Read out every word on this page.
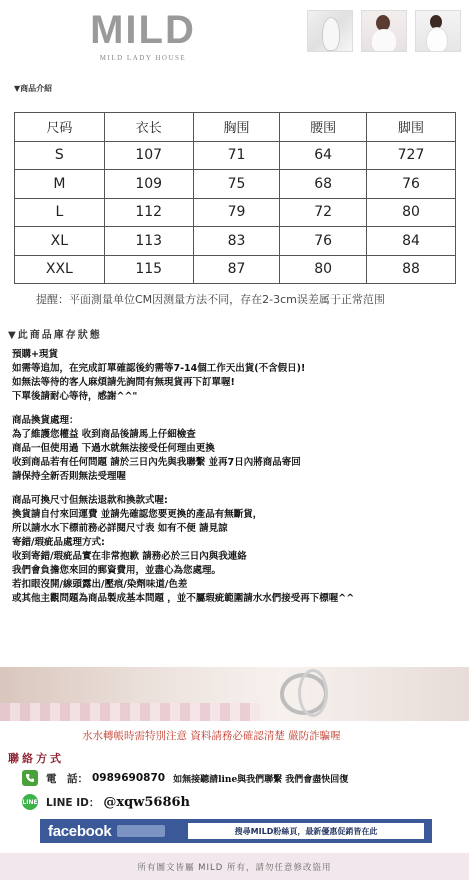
MILD
MILD LADY HOUSE
▼商品介紹
尺码	衣长	胸围	腰围	脚围
S	107	71	64	727
M	109	75	68	76
L	112	79	72	80
XL	113	83	76	84
XXL	115	87	80	88
提醒：平面測量单位CM因测量方法不同，存在2-3cm误差属于正常范围
▼此商品庫存狀態
預購+現貨
如需等追加，在完成訂單確認後約需等7-14個工作天出貨(不含假日)!
如無法等待的客人麻煩請先詢問有無現貨再下訂單喔!
下單後請耐心等待，感謝^^"
商品換貨處理：
為了維護您權益 收到商品後請馬上仔細檢查
商品一但使用過 下過水就無法接受任何理由更換
收到商品若有任何問題 請於三日內先與我聯繫 並再7日內將商品寄回
請保持全新否則無法受理喔
商品可換尺寸但無法退款和換款式喔:
換貨請自付來回運費 並請先確認您要更換的產品有無斷貨，
所以請水水下標前務必詳閱尺寸表 如有不便 請見諒
寄錯/瑕疵品處理方式:
收到寄錯/瑕疵品實在非常抱歉 請務必於三日內與我連絡
我們會負擔您來回的郵資費用，並盡心為您處理。
若扣眼沒開/線頭露出/壓痕/染劑味道/色差
或其他主觀問題為商品製成基本問題 ，並不屬瑕疵範圍請水水們接受再下標喔^^
水水轉帳時需特別注意 資料請務必確認清楚 嚴防詐騙喔
聯絡方式
電　話： 0989690870 如無接聽請line與我們聯繫 我們會盡快回復
LINE LINE ID： @xqw5686h
facebook	搜尋MILD粉絲頁，最新優惠促銷皆在此
所有圖文皆屬 MILD 所有，請勿任意修改盜用
